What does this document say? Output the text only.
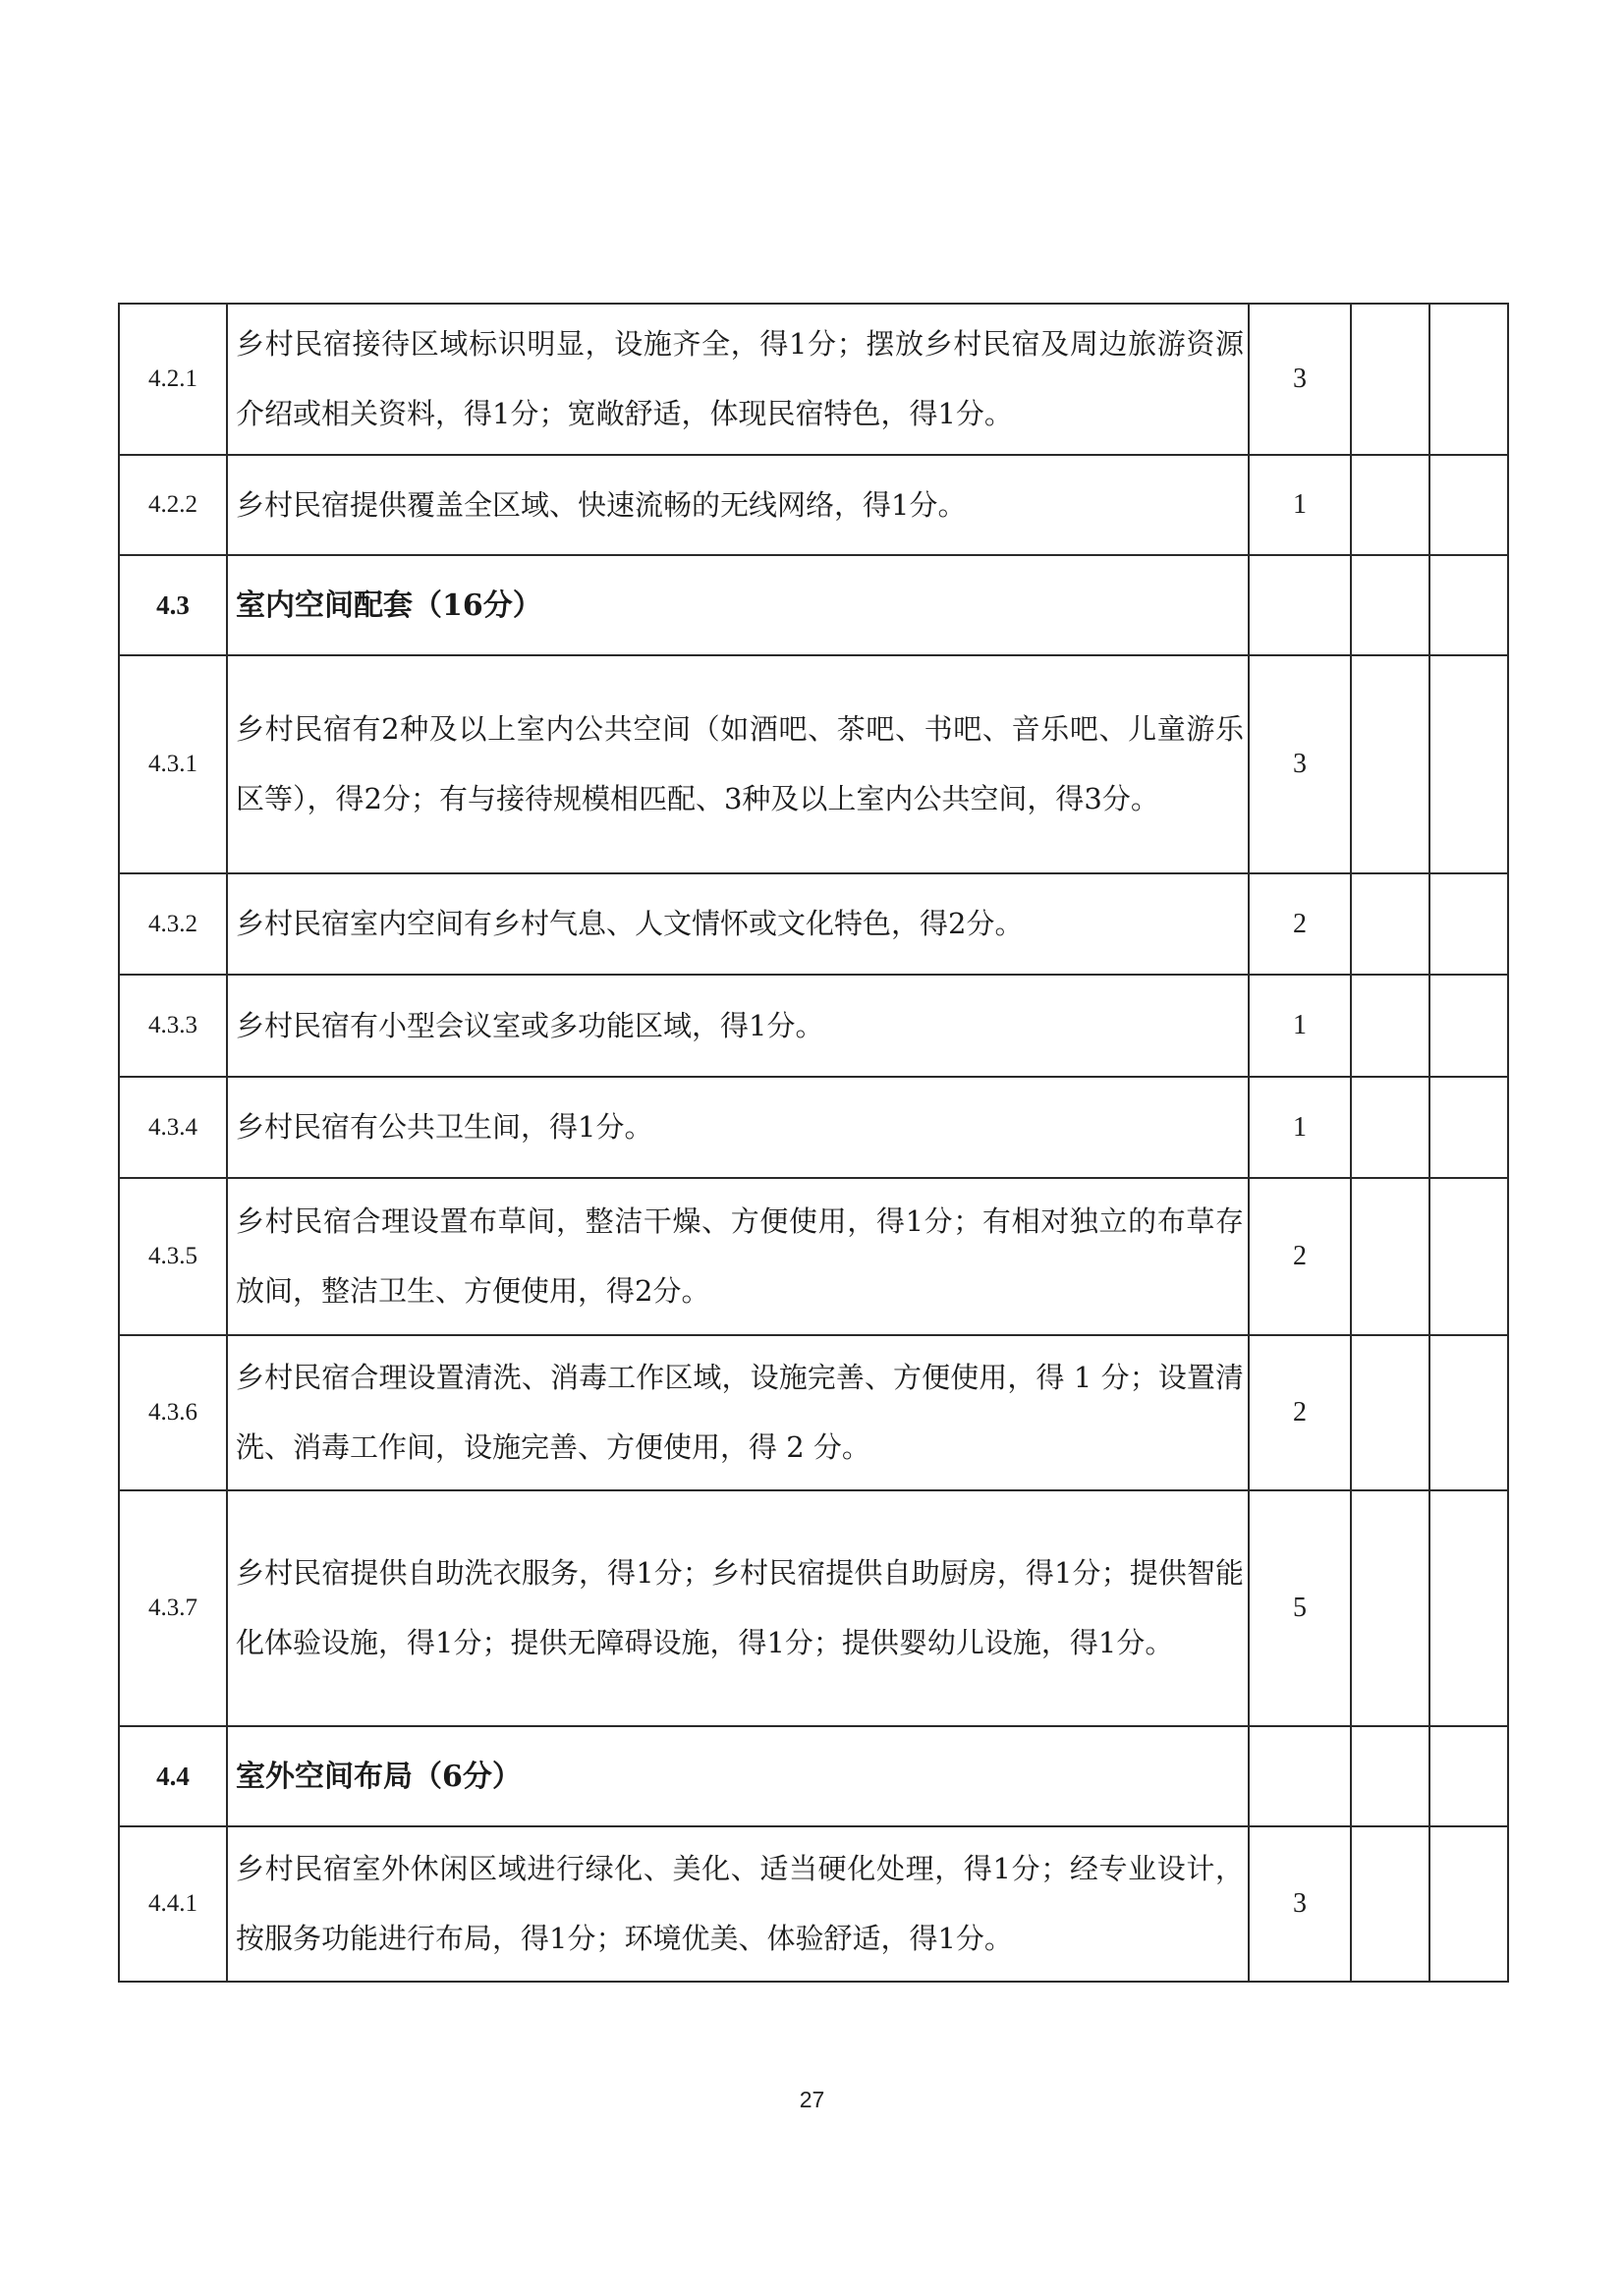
4.2.1	乡村民宿接待区域标识明显，设施齐全，得1分；摆放乡村民宿及周边旅游资源介绍或相关资料，得1分；宽敞舒适，体现民宿特色，得1分。	3		
4.2.2	乡村民宿提供覆盖全区域、快速流畅的无线网络，得1分。	1		
4.3	室内空间配套（16分）			
4.3.1	乡村民宿有2种及以上室内公共空间（如酒吧、茶吧、书吧、音乐吧、儿童游乐区等），得2分；有与接待规模相匹配、3种及以上室内公共空间，得3分。	3		
4.3.2	乡村民宿室内空间有乡村气息、人文情怀或文化特色，得2分。	2		
4.3.3	乡村民宿有小型会议室或多功能区域，得1分。	1		
4.3.4	乡村民宿有公共卫生间，得1分。	1		
4.3.5	乡村民宿合理设置布草间，整洁干燥、方便使用，得1分；有相对独立的布草存放间，整洁卫生、方便使用，得2分。	2		
4.3.6	乡村民宿合理设置清洗、消毒工作区域，设施完善、方便使用，得 1 分；设置清洗、消毒工作间，设施完善、方便使用，得 2 分。	2		
4.3.7	乡村民宿提供自助洗衣服务，得1分；乡村民宿提供自助厨房，得1分；提供智能化体验设施，得1分；提供无障碍设施，得1分；提供婴幼儿设施，得1分。	5		
4.4	室外空间布局（6分）			
4.4.1	乡村民宿室外休闲区域进行绿化、美化、适当硬化处理，得1分；经专业设计，按服务功能进行布局，得1分；环境优美、体验舒适，得1分。	3		
27
